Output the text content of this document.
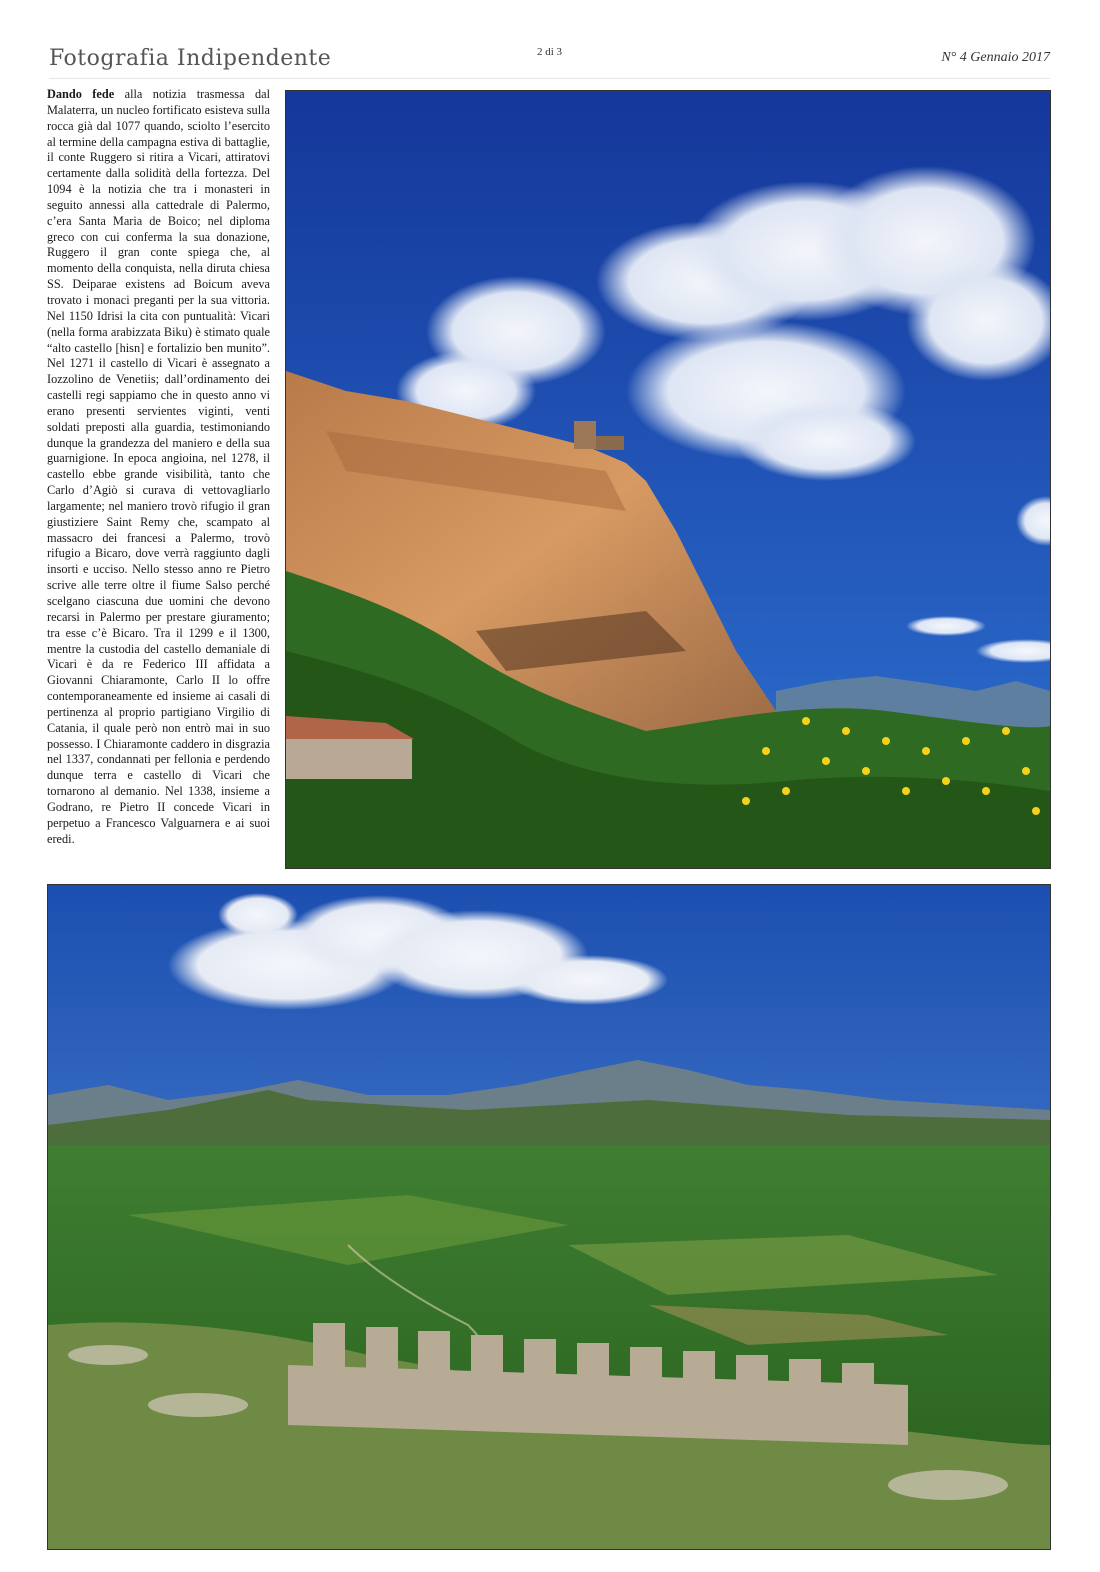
Fotografia Indipendente	2 di 3	N° 4 Gennaio 2017
Dando fede alla notizia trasmessa dal Malaterra, un nucleo fortificato esisteva sulla rocca già dal 1077 quando, sciolto l’esercito al termine della campagna estiva di battaglie, il conte Ruggero si ritira a Vicari, attiratovi certamente dalla solidità della fortezza. Del 1094 è la notizia che tra i monasteri in seguito annessi alla cattedrale di Palermo, c’era Santa Maria de Boico; nel diploma greco con cui conferma la sua donazione, Ruggero il gran conte spiega che, al momento della conquista, nella diruta chiesa SS. Deiparae existens ad Boicum aveva trovato i monaci preganti per la sua vittoria. Nel 1150 Idrisi la cita con puntualità: Vicari (nella forma arabizzata Biku) è stimato quale “alto castello [hisn] e fortalizio ben munito”. Nel 1271 il castello di Vicari è assegnato a Iozzolino de Venetiis; dall’ordinamento dei castelli regi sappiamo che in questo anno vi erano presenti servientes viginti, venti soldati preposti alla guardia, testimoniando dunque la grandezza del maniero e della sua guarnigione. In epoca angioina, nel 1278, il castello ebbe grande visibilità, tanto che Carlo d’Agiò si curava di vettovagliarlo largamente; nel maniero trovò rifugio il gran giustiziere Saint Remy che, scampato al massacro dei francesi a Palermo, trovò rifugio a Bicaro, dove verrà raggiunto dagli insorti e ucciso. Nello stesso anno re Pietro scrive alle terre oltre il fiume Salso perché scelgano ciascuna due uomini che devono recarsi in Palermo per prestare giuramento; tra esse c’è Bicaro. Tra il 1299 e il 1300, mentre la custodia del castello demaniale di Vicari è da re Federico III affidata a Giovanni Chiaramonte, Carlo II lo offre contemporaneamente ed insieme ai casali di pertinenza al proprio partigiano Virgilio di Catania, il quale però non entrò mai in suo possesso. I Chiaramonte caddero in disgrazia nel 1337, condannati per fellonia e perdendo dunque terra e castello di Vicari che tornarono al demanio. Nel 1338, insieme a Godrano, re Pietro II concede Vicari in perpetuo a Francesco Valguarnera e ai suoi eredi.
